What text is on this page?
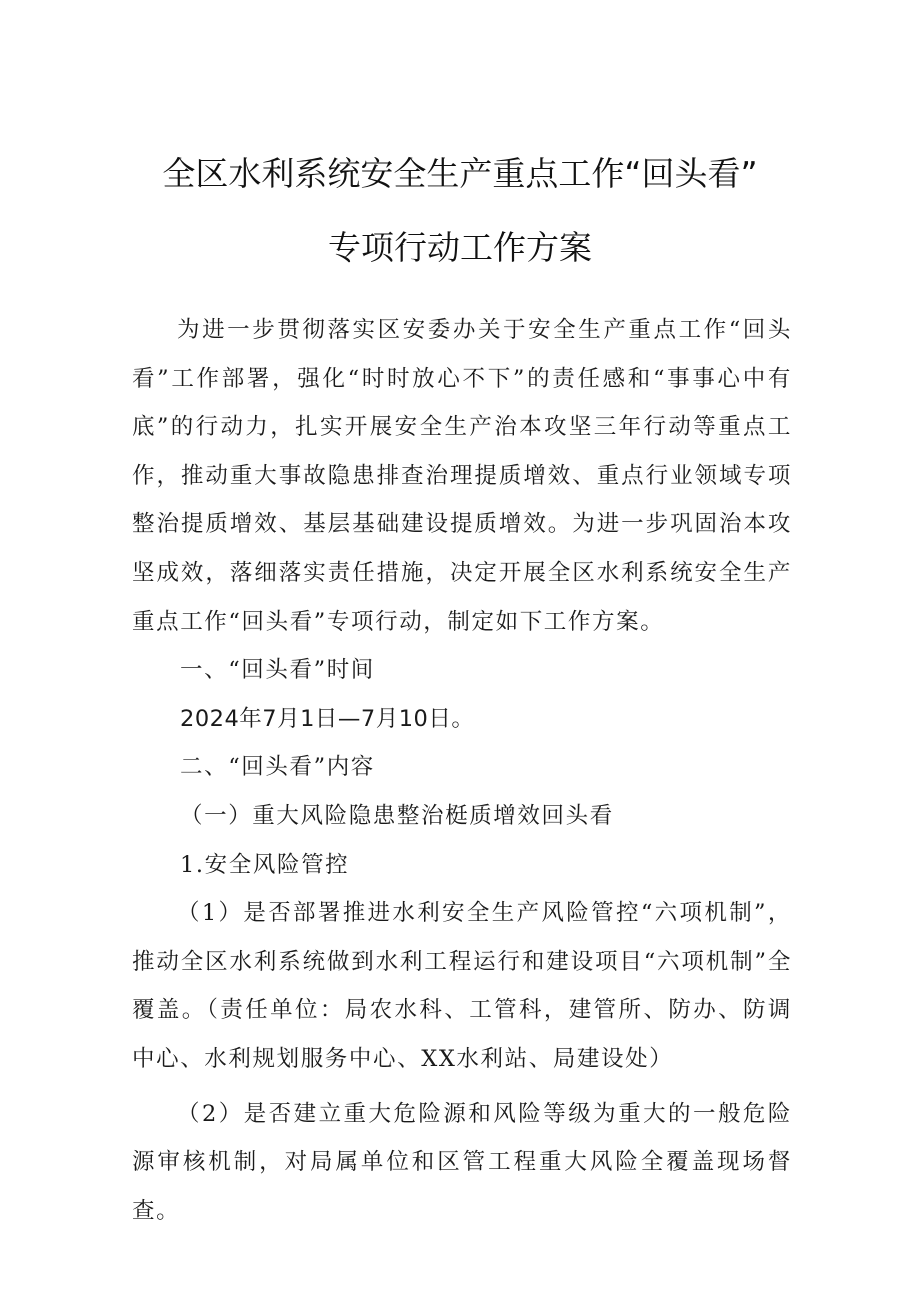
全区水利系统安全生产重点工作“回头看”
专项行动工作方案

为进一步贯彻落实区安委办关于安全生产重点工作“回头看”工作部署，强化“时时放心不下”的责任感和“事事心中有底”的行动力，扎实开展安全生产治本攻坚三年行动等重点工作，推动重大事故隐患排查治理提质增效、重点行业领域专项整治提质增效、基层基础建设提质增效。为进一步巩固治本攻坚成效，落细落实责任措施，决定开展全区水利系统安全生产重点工作“回头看”专项行动，制定如下工作方案。

一、“回头看”时间

2024年7月1日—7月10日。

二、“回头看”内容

（一）重大风险隐患整治梃质增效回头看

1.安全风险管控

（1）是否部署推进水利安全生产风险管控“六项机制”，推动全区水利系统做到水利工程运行和建设项目“六项机制”全覆盖。（责任单位：局农水科、工管科，建管所、防办、防调中心、水利规划服务中心、XX水利站、局建设处）

（2）是否建立重大危险源和风险等级为重大的一般危险源审核机制，对局属单位和区管工程重大风险全覆盖现场督查。
